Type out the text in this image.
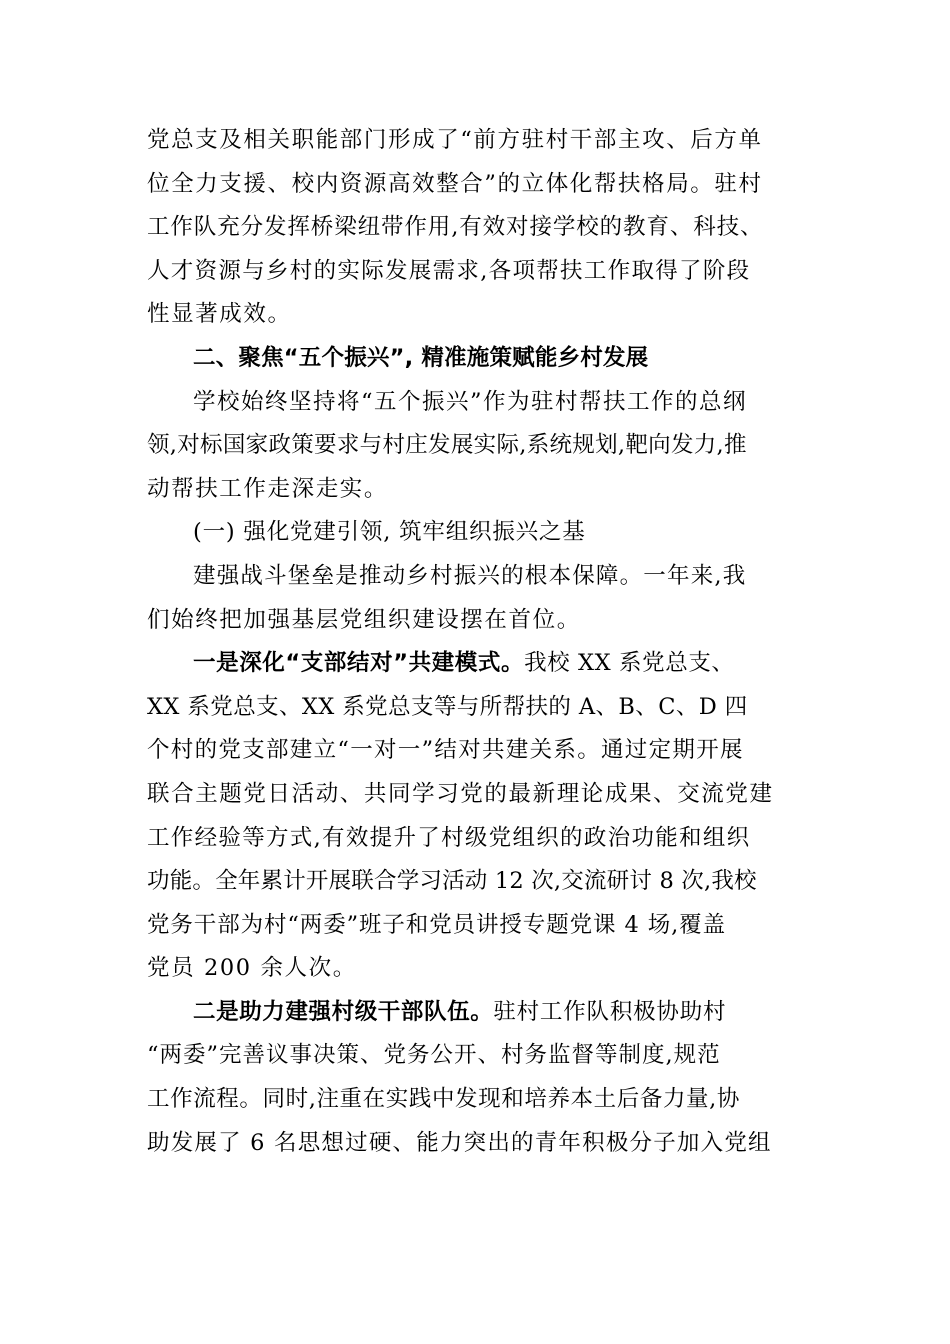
党总支及相关职能部门形成了“前方驻村干部主攻、后方单
位全力支援、校内资源高效整合”的立体化帮扶格局。驻村
工作队充分发挥桥梁纽带作用,有效对接学校的教育、科技、
人才资源与乡村的实际发展需求,各项帮扶工作取得了阶段
性显著成效。
二、聚焦“五个振兴”, 精准施策赋能乡村发展
学校始终坚持将“五个振兴”作为驻村帮扶工作的总纲
领,对标国家政策要求与村庄发展实际,系统规划,靶向发力,推
动帮扶工作走深走实。
(一) 强化党建引领, 筑牢组织振兴之基
建强战斗堡垒是推动乡村振兴的根本保障。一年来,我
们始终把加强基层党组织建设摆在首位。
一是深化“支部结对”共建模式。我校 XX 系党总支、
XX 系党总支、XX 系党总支等与所帮扶的 A、B、C、D 四
个村的党支部建立“一对一”结对共建关系。通过定期开展
联合主题党日活动、共同学习党的最新理论成果、交流党建
工作经验等方式,有效提升了村级党组织的政治功能和组织
功能。全年累计开展联合学习活动 12 次,交流研讨 8 次,我校
党务干部为村“两委”班子和党员讲授专题党课 4 场,覆盖
党员 200 余人次。
二是助力建强村级干部队伍。驻村工作队积极协助村
“两委”完善议事决策、党务公开、村务监督等制度,规范
工作流程。同时,注重在实践中发现和培养本土后备力量,协
助发展了 6 名思想过硬、能力突出的青年积极分子加入党组
